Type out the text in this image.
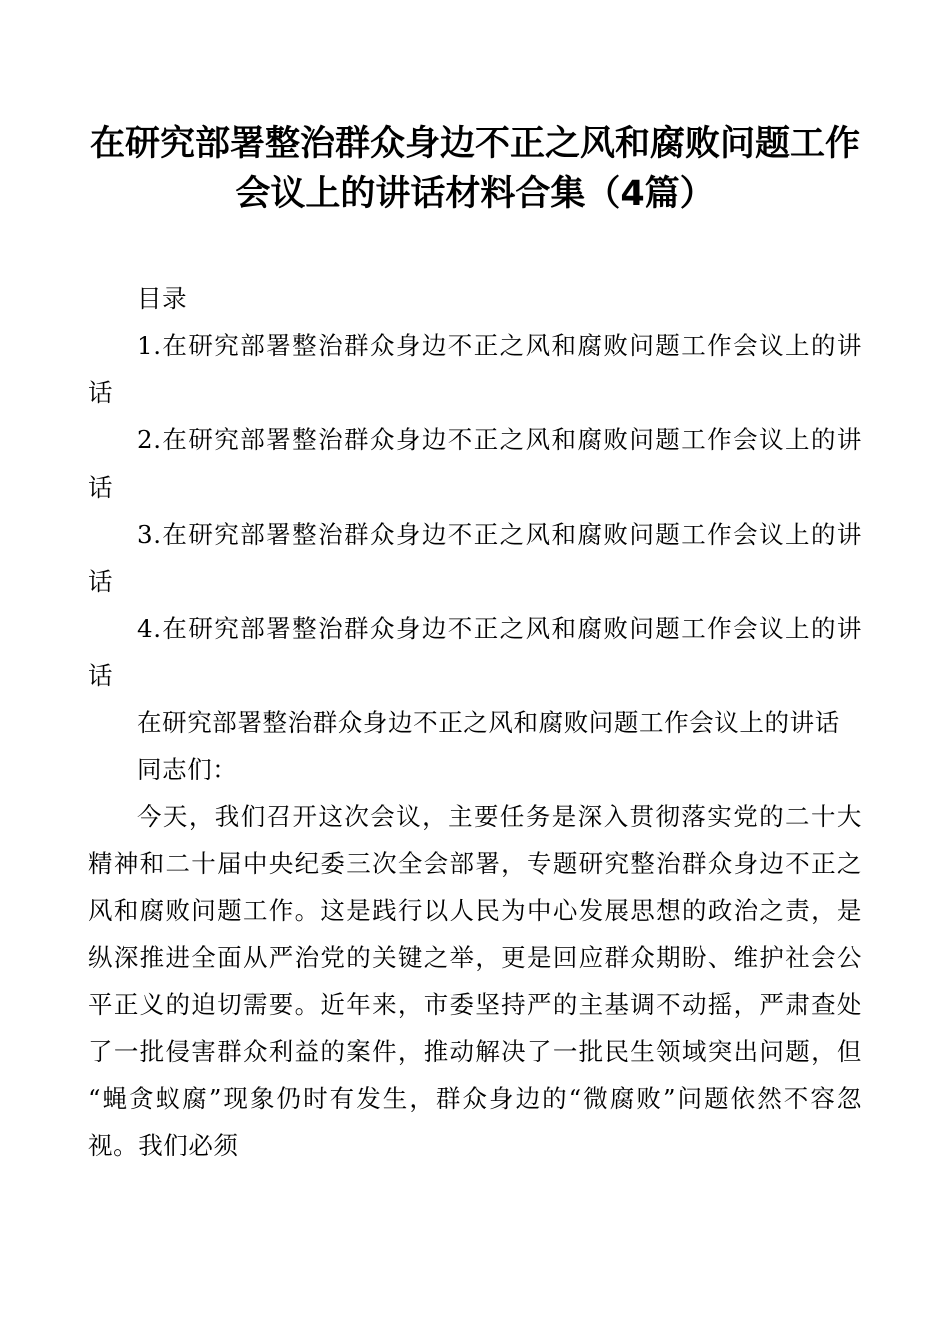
在研究部署整治群众身边不正之风和腐败问题工作会议上的讲话材料合集（4篇）

目录

1.在研究部署整治群众身边不正之风和腐败问题工作会议上的讲话

2.在研究部署整治群众身边不正之风和腐败问题工作会议上的讲话

3.在研究部署整治群众身边不正之风和腐败问题工作会议上的讲话

4.在研究部署整治群众身边不正之风和腐败问题工作会议上的讲话

在研究部署整治群众身边不正之风和腐败问题工作会议上的讲话

同志们：

今天，我们召开这次会议，主要任务是深入贯彻落实党的二十大精神和二十届中央纪委三次全会部署，专题研究整治群众身边不正之风和腐败问题工作。这是践行以人民为中心发展思想的政治之责，是纵深推进全面从严治党的关键之举，更是回应群众期盼、维护社会公平正义的迫切需要。近年来，市委坚持严的主基调不动摇，严肃查处了一批侵害群众利益的案件，推动解决了一批民生领域突出问题，但“蝇贪蚁腐”现象仍时有发生，群众身边的“微腐败”问题依然不容忽视。我们必须
